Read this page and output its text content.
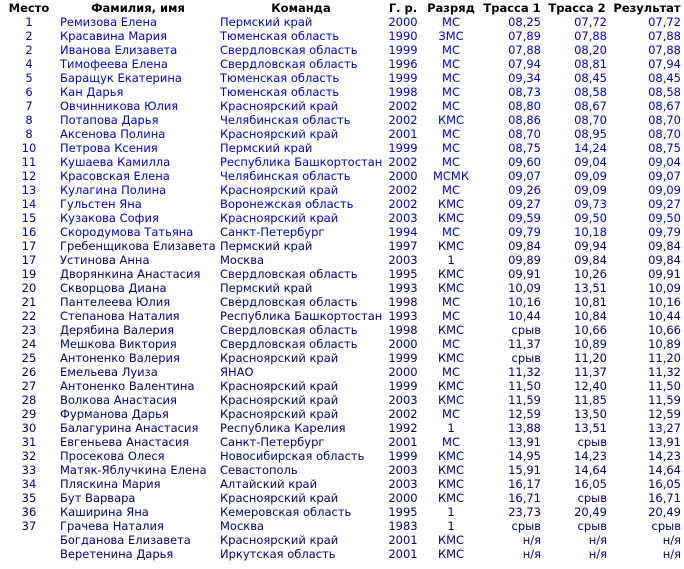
Место	Фамилия, имя	Команда	Г. р.	Разряд	Трасса 1	Трасса 2	Результат
1	Ремизова Елена	Пермский край	2000	МС	08,25	07,72	07,72
2	Красавина Мария	Тюменская область	1990	ЗМС	07,89	07,88	07,88
2	Иванова Елизавета	Свердловская область	1999	МС	07,88	08,20	07,88
4	Тимофеева Елена	Свердловская область	1996	МС	07,94	08,81	07,94
5	Баращук Екатерина	Тюменская область	1999	МС	09,34	08,45	08,45
6	Кан Дарья	Тюменская область	1998	МС	08,73	08,58	08,58
7	Овчинникова Юлия	Красноярский край	2002	МС	08,80	08,67	08,67
8	Потапова Дарья	Челябинская область	2002	КМС	08,86	08,70	08,70
8	Аксенова Полина	Красноярский край	2001	МС	08,70	08,95	08,70
10	Петрова Ксения	Пермский край	1999	МС	08,75	14,24	08,75
11	Кушаева Камилла	Республика Башкортостан	2002	МС	09,60	09,04	09,04
12	Красовская Елена	Челябинская область	2000	МСМК	09,07	09,09	09,07
13	Кулагина Полина	Красноярский край	2002	МС	09,26	09,09	09,09
14	Гульстен Яна	Воронежская область	2002	КМС	09,27	09,73	09,27
15	Кузакова София	Красноярский край	2003	КМС	09,59	09,50	09,50
16	Скородумова Татьяна	Санкт-Петербург	1994	МС	09,79	10,18	09,79
17	Гребенщикова Елизавета	Пермский край	1997	КМС	09,84	09,94	09,84
17	Устинова Анна	Москва	2003	1	09,89	09,84	09,84
19	Дворянкина Анастасия	Свердловская область	1995	КМС	09,91	10,26	09,91
20	Скворцова Диана	Пермский край	1993	КМС	10,09	13,51	10,09
21	Пантелеева Юлия	Свердловская область	1998	МС	10,16	10,81	10,16
22	Степанова Наталия	Республика Башкортостан	1993	МС	10,44	10,84	10,44
23	Дерябина Валерия	Свердловская область	1998	КМС	срыв	10,66	10,66
24	Мешкова Виктория	Свердловская область	2000	МС	11,37	10,89	10,89
25	Антоненко Валерия	Красноярский край	1999	КМС	срыв	11,20	11,20
26	Емельева Луиза	ЯНАО	2000	МС	11,32	11,37	11,32
27	Антоненко Валентина	Красноярский край	1999	КМС	11,50	12,40	11,50
28	Волкова Анастасия	Красноярский край	2003	КМС	11,59	11,85	11,59
29	Фурманова Дарья	Красноярский край	2002	МС	12,59	13,50	12,59
30	Балагурина Анастасия	Республика Карелия	1992	1	13,88	13,51	13,27
31	Евгеньева Анастасия	Санкт-Петербург	2001	МС	13,91	срыв	13,91
32	Просекова Олеся	Новосибирская область	1999	КМС	14,95	14,23	14,23
33	Матяк-Яблучкина Елена	Севастополь	2003	КМС	15,91	14,64	14,64
34	Пляскина Мария	Алтайский край	2003	КМС	16,17	16,05	16,05
35	Бут Варвара	Красноярский край	2000	КМС	16,71	срыв	16,71
36	Каширина Яна	Кемеровская область	1995	1	23,73	20,49	20,49
37	Грачева Наталия	Москва	1983	1	срыв	срыв	срыв
	Богданова Елизавета	Красноярский край	2001	КМС	н/я	н/я	н/я
	Веретенина Дарья	Иркутская область	2001	КМС	н/я	н/я	н/я
